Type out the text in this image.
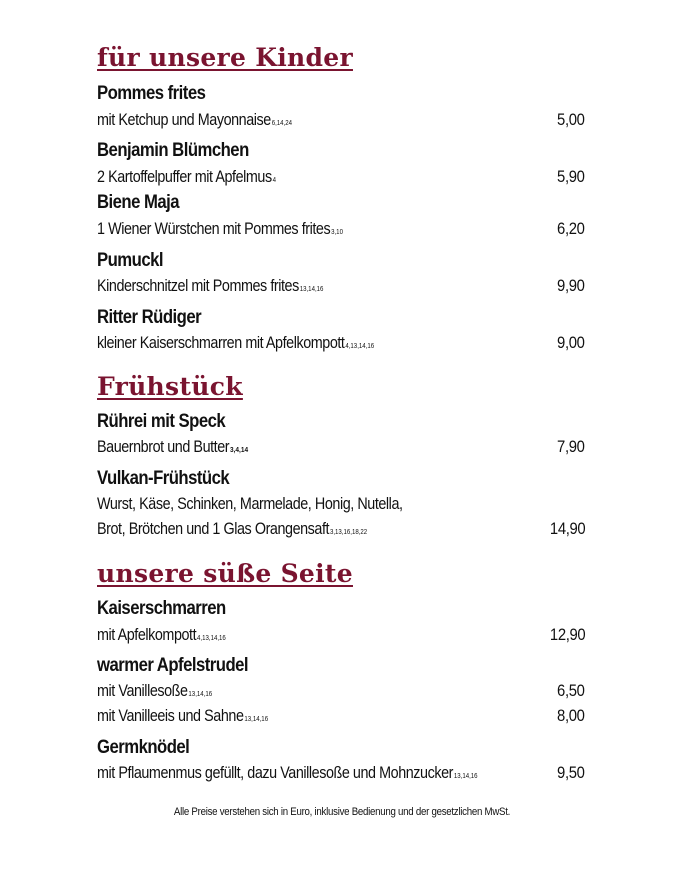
für unsere Kinder
Pommes frites
mit Ketchup und Mayonnaise6,14,24	5,00
Benjamin Blümchen
2 Kartoffelpuffer mit Apfelmus4	5,90
Biene Maja
1 Wiener Würstchen mit Pommes frites3,10	6,20
Pumuckl
Kinderschnitzel mit Pommes frites13,14,16	9,90
Ritter Rüdiger
kleiner Kaiserschmarren mit Apfelkompott4,13,14,16	9,00
Frühstück
Rührei mit Speck
Bauernbrot und Butter3,4,14	7,90
Vulkan-Frühstück
Wurst, Käse, Schinken, Marmelade, Honig, Nutella,
Brot, Brötchen und 1 Glas Orangensaft3,13,16,18,22	14,90
unsere süße Seite
Kaiserschmarren
mit Apfelkompott4,13,14,16	12,90
warmer Apfelstrudel
mit Vanillesoße13,14,16	6,50
mit Vanilleeis und Sahne13,14,16	8,00
Germknödel
mit Pflaumenmus gefüllt, dazu Vanillesoße und Mohnzucker13,14,16	9,50
Alle Preise verstehen sich in Euro, inklusive Bedienung und der gesetzlichen MwSt.
